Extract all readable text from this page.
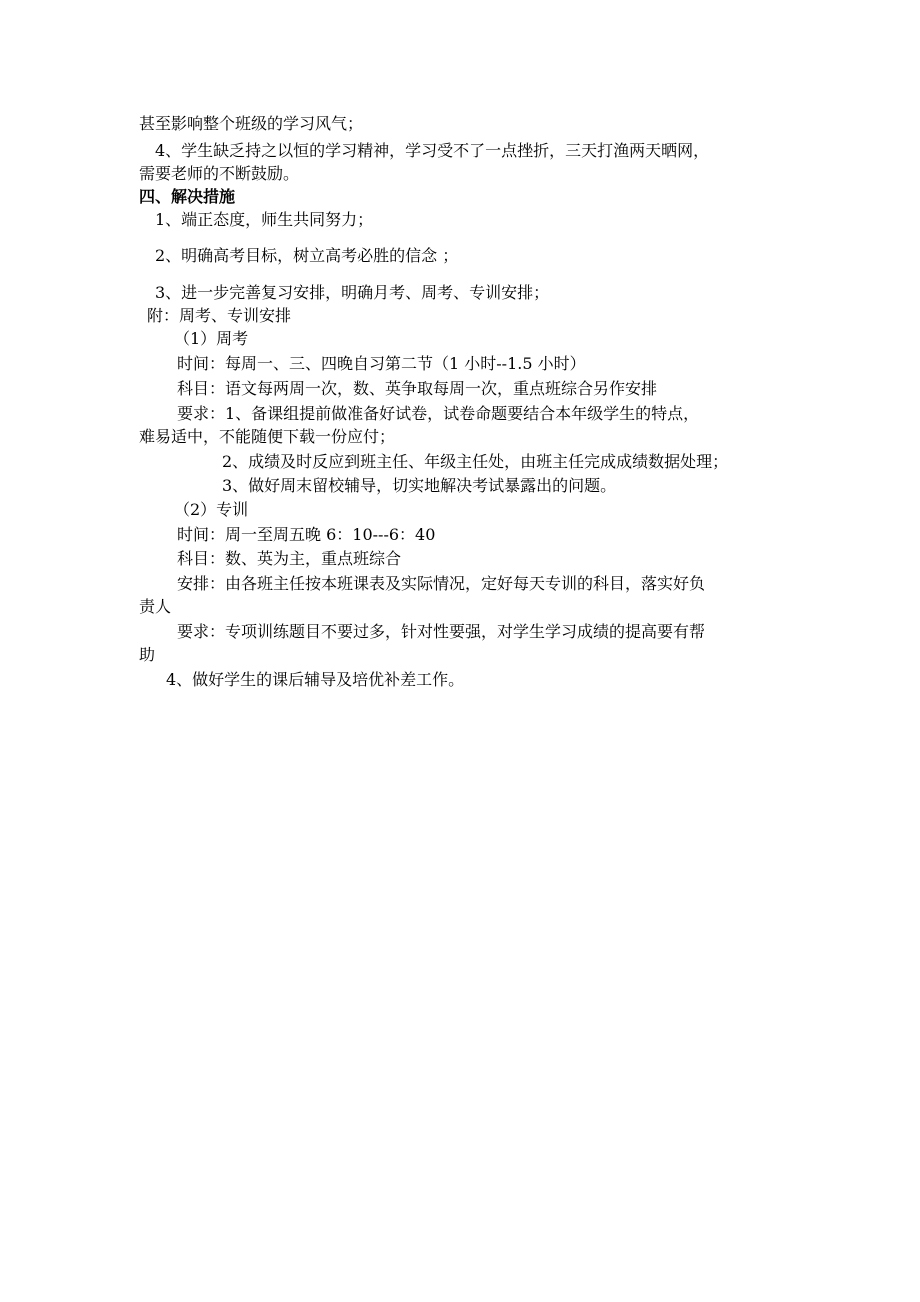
甚至影响整个班级的学习风气；
4、学生缺乏持之以恒的学习精神，学习受不了一点挫折，三天打渔两天晒网，
需要老师的不断鼓励。
四、解决措施
1、端正态度，师生共同努力；
2、明确高考目标，树立高考必胜的信念 ；
3、进一步完善复习安排，明确月考、周考、专训安排；
附：周考、专训安排
（1）周考
时间：每周一、三、四晚自习第二节（1 小时--1.5 小时）
科目：语文每两周一次，数、英争取每周一次，重点班综合另作安排
要求：1、备课组提前做准备好试卷，试卷命题要结合本年级学生的特点，
难易适中，不能随便下载一份应付；
2、成绩及时反应到班主任、年级主任处，由班主任完成成绩数据处理；
3、做好周末留校辅导，切实地解决考试暴露出的问题。
（2）专训
时间：周一至周五晚 6：10---6：40
科目：数、英为主，重点班综合
安排：由各班主任按本班课表及实际情况，定好每天专训的科目，落实好负
责人
要求：专项训练题目不要过多，针对性要强，对学生学习成绩的提高要有帮
助
4、做好学生的课后辅导及培优补差工作。
